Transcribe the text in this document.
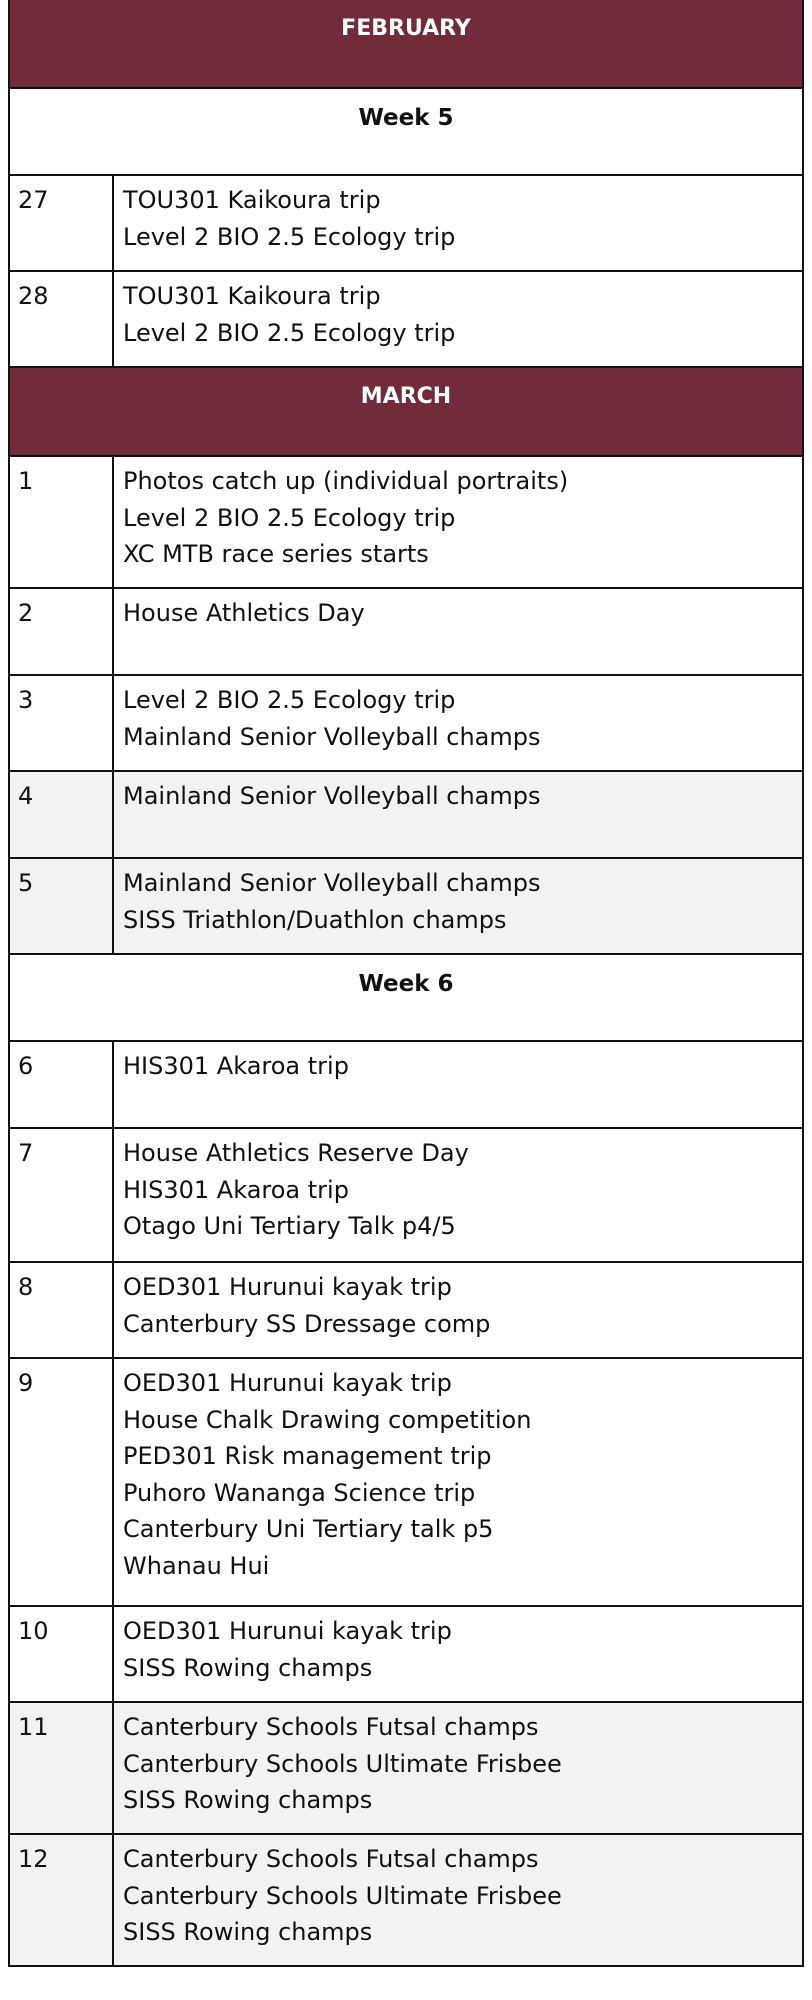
FEBRUARY
Week 5
27	TOU301 Kaikoura trip
Level 2 BIO 2.5 Ecology trip
28	TOU301 Kaikoura trip
Level 2 BIO 2.5 Ecology trip
MARCH
1	Photos catch up (individual portraits)
Level 2 BIO 2.5 Ecology trip
XC MTB race series starts
2	House Athletics Day
3	Level 2 BIO 2.5 Ecology trip
Mainland Senior Volleyball champs
4	Mainland Senior Volleyball champs
5	Mainland Senior Volleyball champs
SISS Triathlon/Duathlon champs
Week 6
6	HIS301 Akaroa trip
7	House Athletics Reserve Day
HIS301 Akaroa trip
Otago Uni Tertiary Talk p4/5
8	OED301 Hurunui kayak trip
Canterbury SS Dressage comp
9	OED301 Hurunui kayak trip
House Chalk Drawing competition
PED301 Risk management trip
Puhoro Wananga Science trip
Canterbury Uni Tertiary talk p5
Whanau Hui
10	OED301 Hurunui kayak trip
SISS Rowing champs
11	Canterbury Schools Futsal champs
Canterbury Schools Ultimate Frisbee
SISS Rowing champs
12	Canterbury Schools Futsal champs
Canterbury Schools Ultimate Frisbee
SISS Rowing champs
